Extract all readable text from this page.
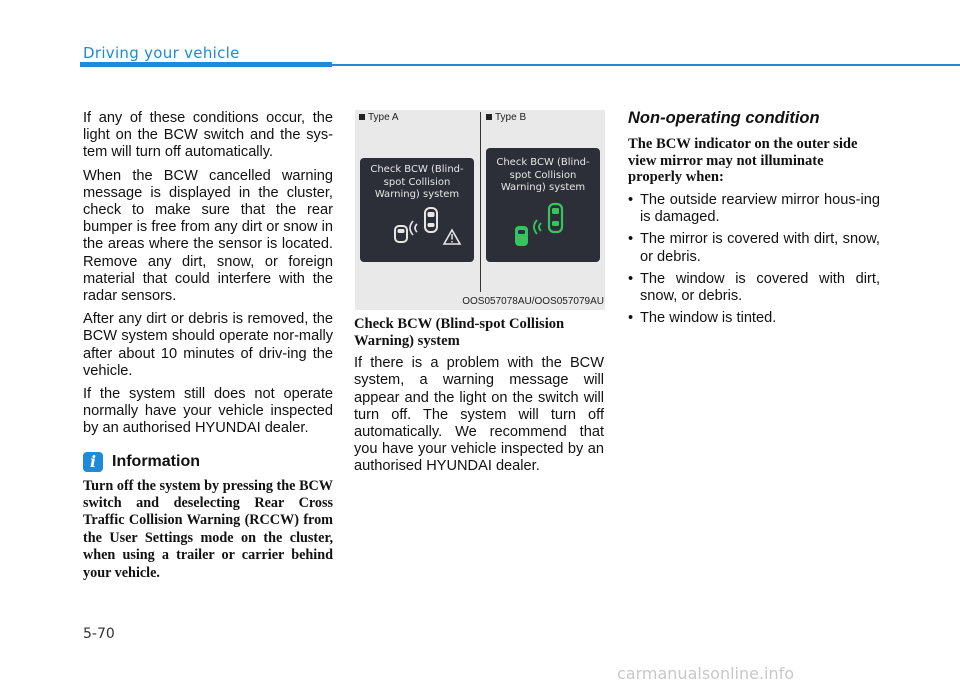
Driving your vehicle

If any of these conditions occur, the light on the BCW switch and the sys-tem will turn off automatically.

When the BCW cancelled warning message is displayed in the cluster, check to make sure that the rear bumper is free from any dirt or snow in the areas where the sensor is located. Remove any dirt, snow, or foreign material that could interfere with the radar sensors.

After any dirt or debris is removed, the BCW system should operate nor-mally after about 10 minutes of driv-ing the vehicle.

If the system still does not operate normally have your vehicle inspected by an authorised HYUNDAI dealer.

i Information

Turn off the system by pressing the BCW switch and deselecting Rear Cross Traffic Collision Warning (RCCW) from the User Settings mode on the cluster, when using a trailer or carrier behind your vehicle.

Type A	Type B
Check BCW (Blind-
spot Collision
Warning) system
Check BCW (Blind-
spot Collision
Warning) system
OOS057078AU/OOS057079AU
Check BCW (Blind-spot Collision Warning) system

If there is a problem with the BCW system, a warning message will appear and the light on the switch will turn off. The system will turn off automatically. We recommend that you have your vehicle inspected by an authorised HYUNDAI dealer.

Non-operating condition
The BCW indicator on the outer side view mirror may not illuminate properly when:
• The outside rearview mirror hous-ing is damaged.
• The mirror is covered with dirt, snow, or debris.
• The window is covered with dirt, snow, or debris.
• The window is tinted.
5-70
carmanualsonline.info
